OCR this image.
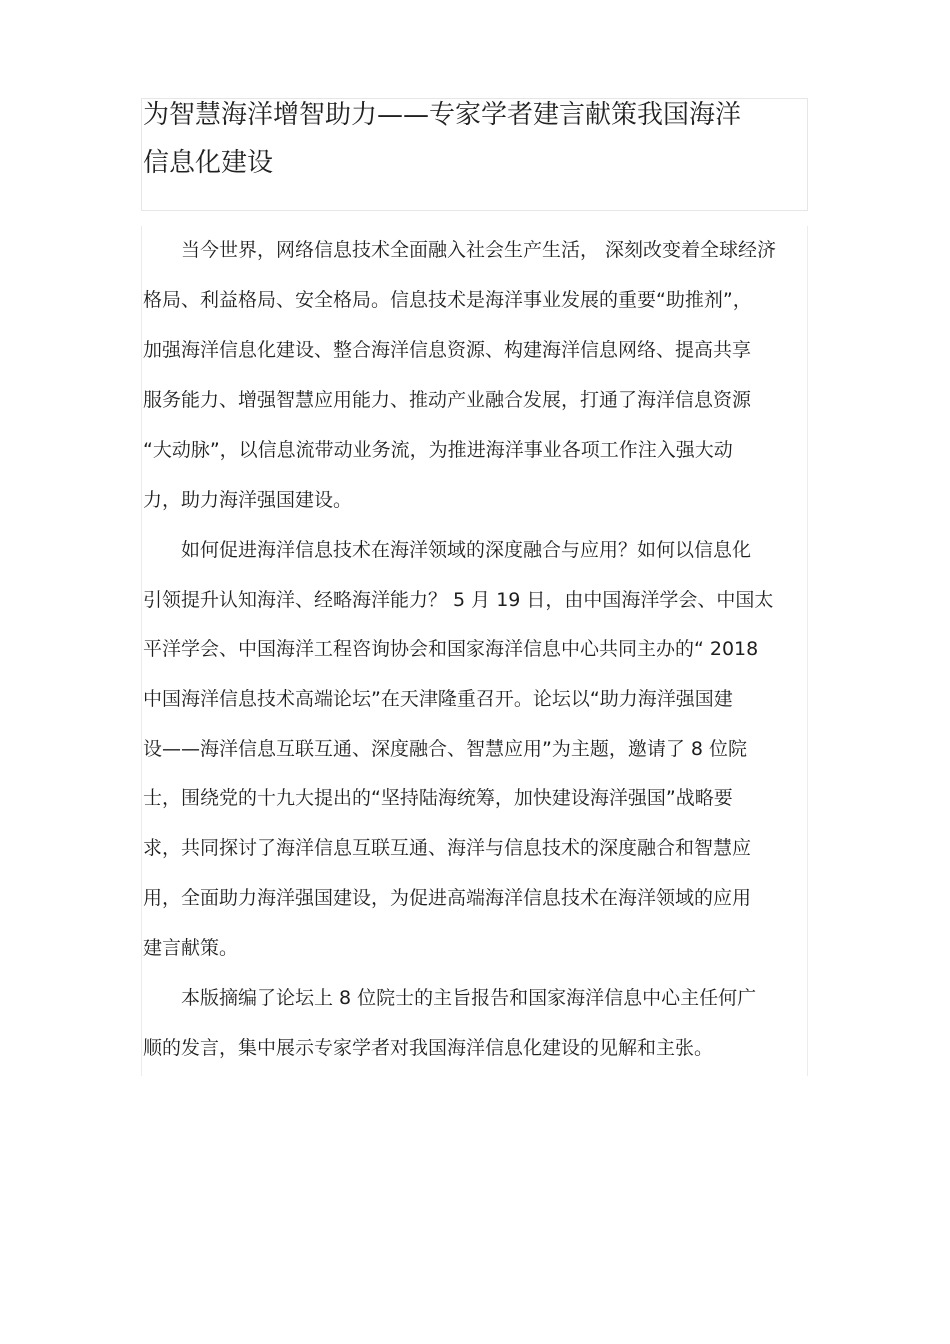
为智慧海洋增智助力——专家学者建言献策我国海洋
信息化建设
当今世界，网络信息技术全面融入社会生产生活， 深刻改变着全球经济
格局、利益格局、安全格局。信息技术是海洋事业发展的重要“助推剂”，
加强海洋信息化建设、整合海洋信息资源、构建海洋信息网络、提高共享
服务能力、增强智慧应用能力、推动产业融合发展，打通了海洋信息资源
“大动脉”，以信息流带动业务流，为推进海洋事业各项工作注入强大动
力，助力海洋强国建设。
如何促进海洋信息技术在海洋领域的深度融合与应用？如何以信息化
引领提升认知海洋、经略海洋能力？ 5 月 19 日，由中国海洋学会、中国太
平洋学会、中国海洋工程咨询协会和国家海洋信息中心共同主办的“ 2018
中国海洋信息技术高端论坛”在天津隆重召开。论坛以“助力海洋强国建
设——海洋信息互联互通、深度融合、智慧应用”为主题，邀请了 8 位院
士，围绕党的十九大提出的“坚持陆海统筹，加快建设海洋强国”战略要
求，共同探讨了海洋信息互联互通、海洋与信息技术的深度融合和智慧应
用，全面助力海洋强国建设，为促进高端海洋信息技术在海洋领域的应用
建言献策。
本版摘编了论坛上 8 位院士的主旨报告和国家海洋信息中心主任何广
顺的发言，集中展示专家学者对我国海洋信息化建设的见解和主张。
